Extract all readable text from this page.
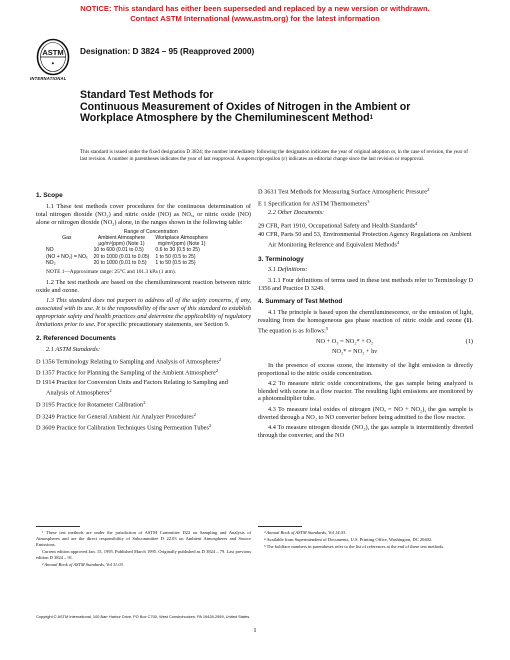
NOTICE: This standard has either been superseded and replaced by a new version or withdrawn.
Contact ASTM International (www.astm.org) for the latest information
ASTM
◆
INTERNATIONAL
Designation: D 3824 – 95 (Reapproved 2000)
Standard Test Methods for
Continuous Measurement of Oxides of Nitrogen in the Ambient or Workplace Atmosphere by the Chemiluminescent Method$^1$
This standard is issued under the fixed designation D 3824; the number immediately following the designation indicates the year of original adoption or, in the case of revision, the year of last revision. A number in parentheses indicates the year of last reapproval. A superscript epsilon (ε) indicates an editorial change since the last revision or reapproval.
1. Scope

1.1 These test methods cover procedures for the continuous determination of total nitrogen dioxide (NO₂) and nitric oxide (NO) as NOₓ, or nitric oxide (NO) alone or nitrogen dioxide (NO₂) alone, in the ranges shown in the following table:

	Range of Concentration	
Gas	Ambient Atmosphere	Workplace Atmosphere
	µg/m³(ppm) (Note 1)	mg/m³(ppm) (Note 1)
NO	10 to 600 (0.01 to 0.5)	0.6 to 30 (0.5 to 25)
(NO + NO₂) = NOₓ	20 to 1000 (0.01 to 0.05)	1 to 50 (0.5 to 25)
NO₂	20 to 1000 (0.01 to 0.5)	1 to 50 (0.5 to 25)

NOTE 1—Approximate range: 25°C and 101.3 kPa (1 atm).

1.2 The test methods are based on the chemiluminescent reaction between nitric oxide and ozone.

1.3 This standard does not purport to address all of the safety concerns, if any, associated with its use. It is the responsibility of the user of this standard to establish appropriate safety and health practices and determine the applicability of regulatory limitations prior to use. For specific precautionary statements, see Section 9.

2. Referenced Documents

2.1 ASTM Standards:

D 1356 Terminology Relating to Sampling and Analysis of Atmospheres$^2$

D 1357 Practice for Planning the Sampling of the Ambient Atmosphere$^2$

D 1914 Practice for Conversion Units and Factors Relating to Sampling and Analysis of Atmospheres$^2$

D 3195 Practice for Rotameter Calibration$^2$

D 3249 Practice for General Ambient Air Analyzer Procedures$^2$

D 3609 Practice for Calibration Techniques Using Permeation Tubes$^2$

D 3631 Test Methods for Measuring Surface Atmospheric Pressure$^2$

E 1 Specification for ASTM Thermometers$^3$

2.2 Other Documents:

29 CFR, Part 1910, Occupational Safety and Health Standards$^4$

40 CFR, Parts 50 and 53, Environmental Protection Agency Regulations on Ambient Air Monitoring Reference and Equivalent Methods$^4$

3. Terminology

3.1 Definitions:

3.1.1 Four definitions of terms used in these test methods refer to Terminology D 1356 and Practice D 3249.

4. Summary of Test Method

4.1 The principle is based upon the chemiluminescence, or the emission of light, resulting from the homogeneous gas phase reaction of nitric oxide and ozone (1). The equation is as follows:$^5$

NO + O₃ = NO₂* + O₂
NO₂* = NO₂ + hν
(1)

In the presence of excess ozone, the intensity of the light emission is directly proportional to the nitric oxide concentration.

4.2 To measure nitric oxide concentrations, the gas sample being analyzed is blended with ozone in a flow reactor. The resulting light emissions are monitored by a photomultiplier tube.

4.3 To measure total oxides of nitrogen (NOₓ = NO + NO₂), the gas sample is diverted through a NO₂ to NO converter before being admitted to the flow reactor.

4.4 To measure nitrogen dioxide (NO₂), the gas sample is intermittently diverted through the converter, and the NO

¹ These test methods are under the jurisdiction of ASTM Committee D22 on Sampling and Analysis of Atmospheres and are the direct responsibility of Subcommittee D 22.03 on Ambient Atmospheres and Source Emissions.

Current edition approved Jan. 15, 1995. Published March 1995. Originally published as D 3824 – 79. Last previous edition D 3824 – 91.

² Annual Book of ASTM Standards, Vol 11.03.

³ Annual Book of ASTM Standards, Vol 14.03.

⁴ Available from Superintendent of Documents, U.S. Printing Office, Washington, DC 20402.

⁵ The boldface numbers in parentheses refer to the list of references at the end of these test methods.

Copyright © ASTM International, 100 Barr Harbor Drive, PO Box C700, West Conshohocken, PA 19428-2959, United States.
1
